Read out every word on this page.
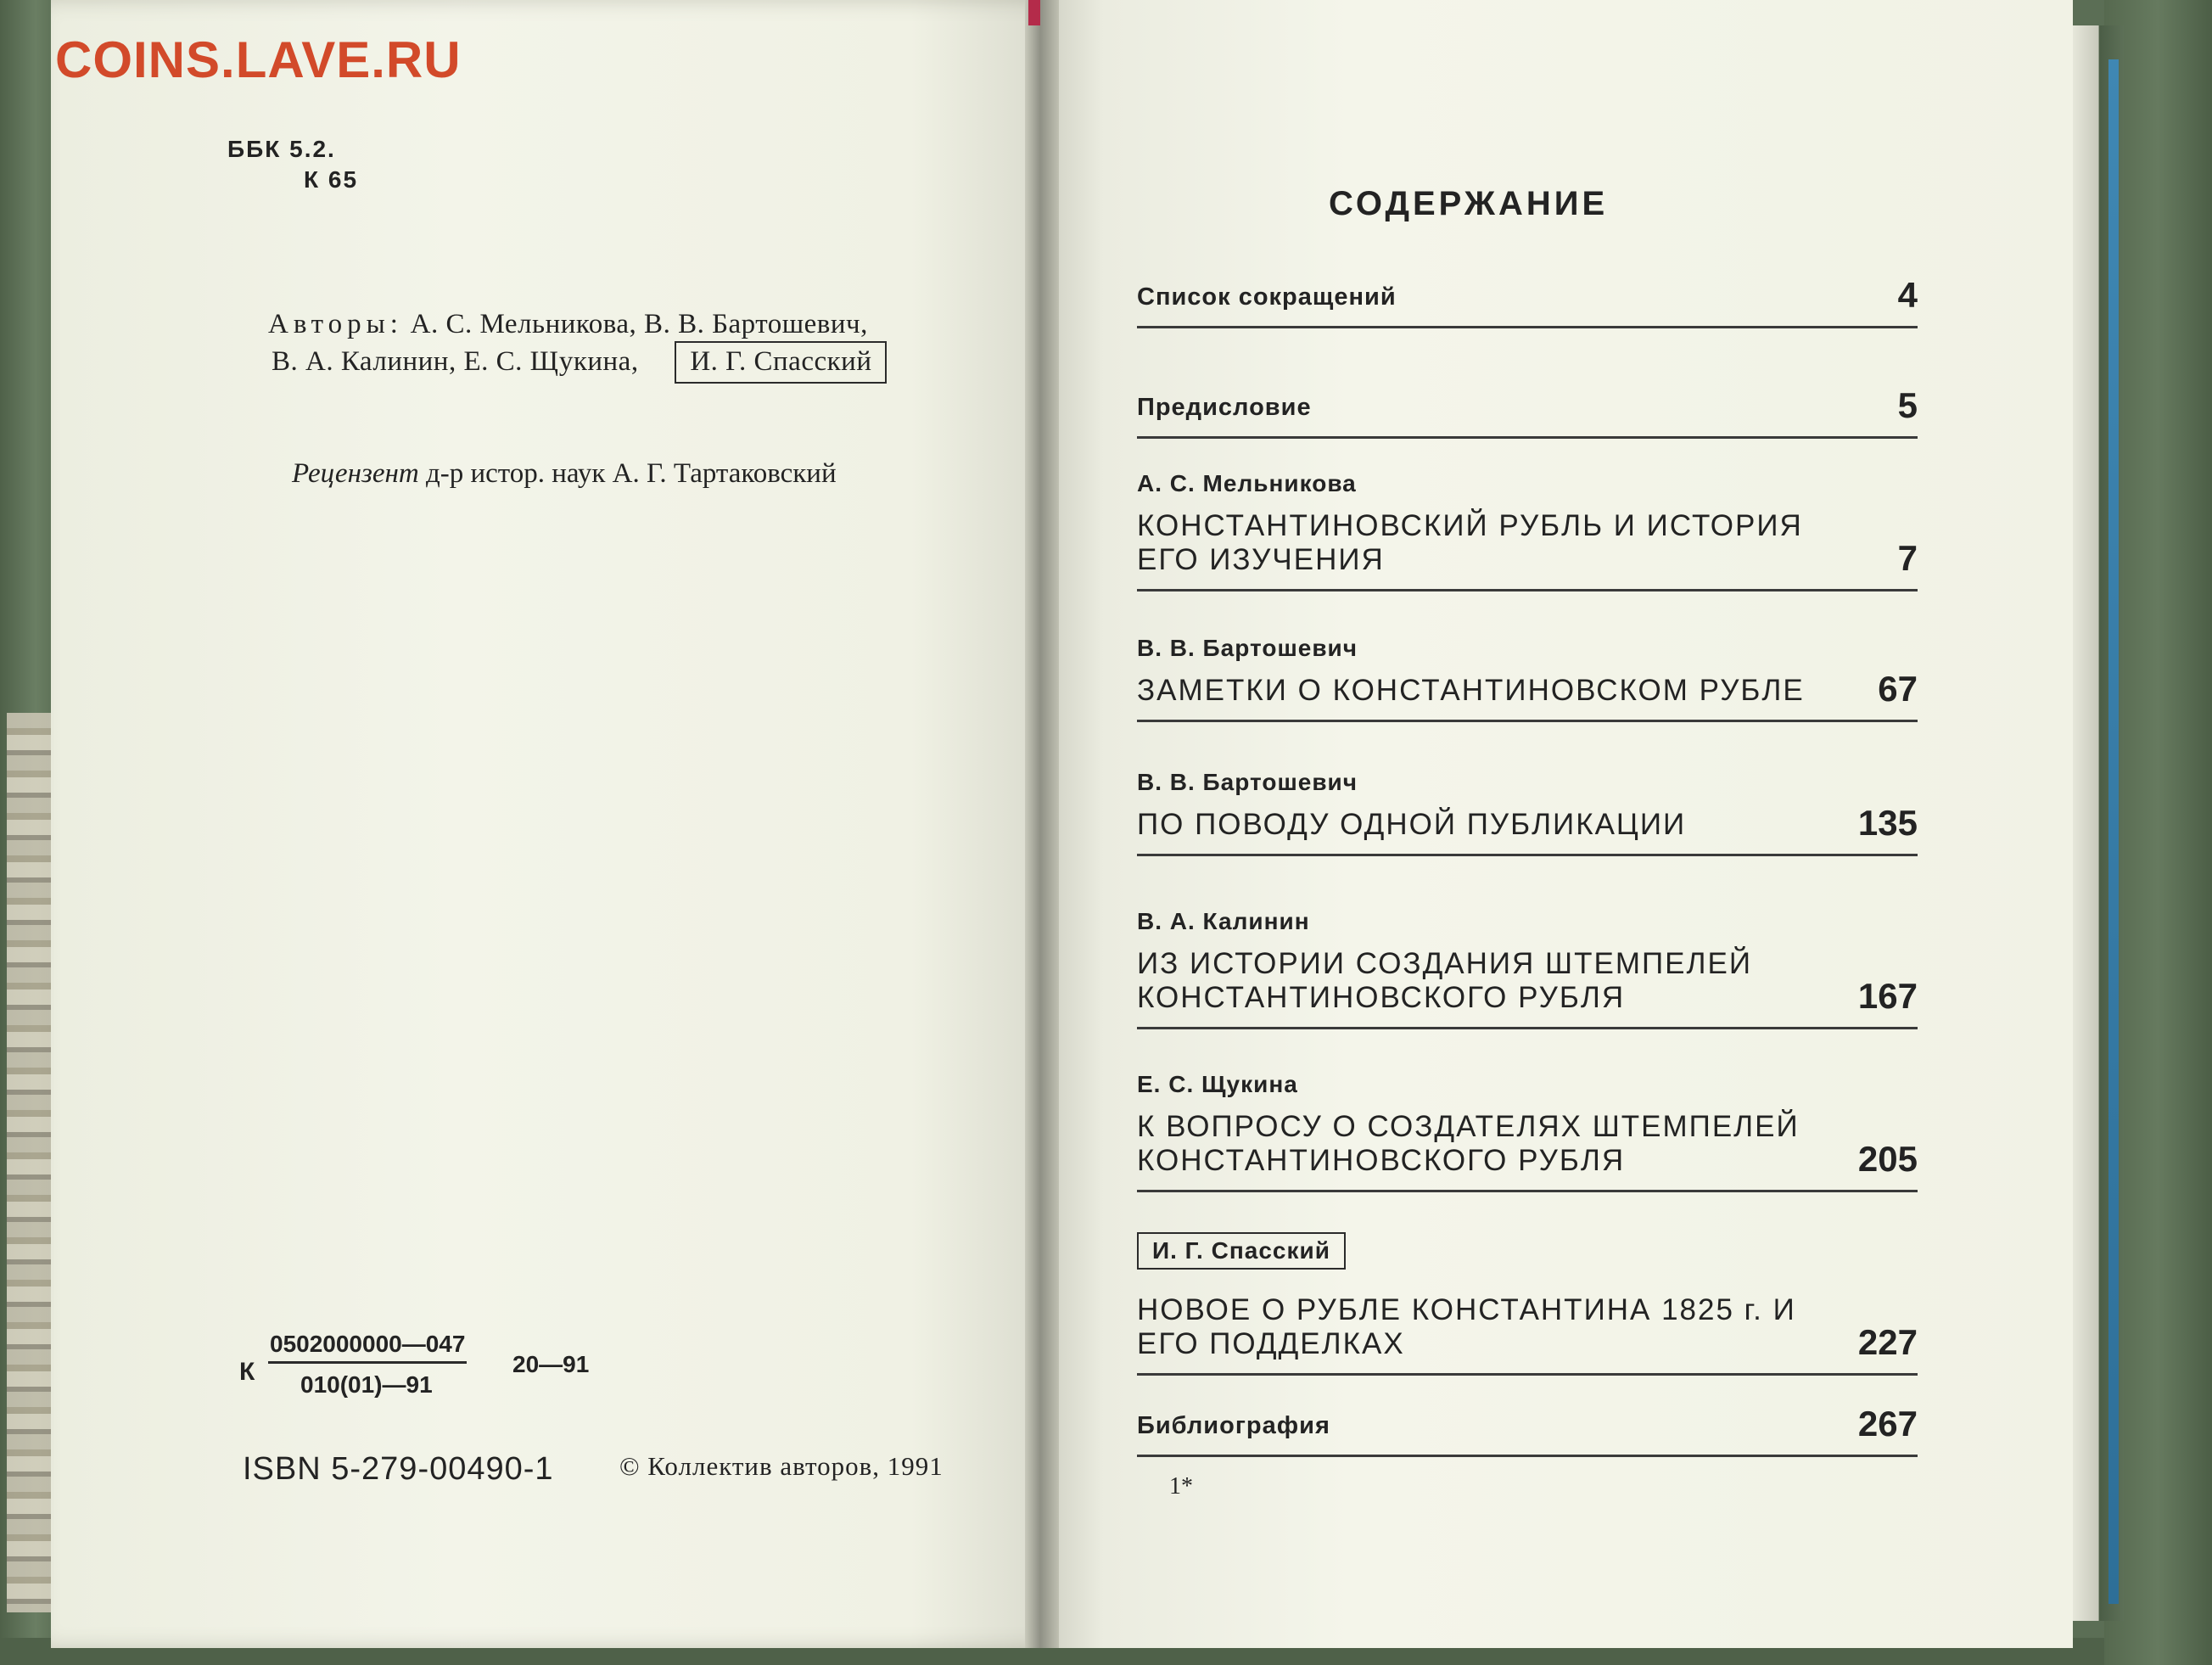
COINS.LAVE.RU
ББК 5.2.
К 65
Авторы: А. С. Мельникова, В. В. Бартошевич,
В. А. Калинин, Е. С. Щукина, И. Г. Спасский
Рецензент д-р истор. наук А. Г. Тартаковский
К
0502000000—047
010(01)—91
20—91
ISBN 5-279-00490-1 © Коллектив авторов, 1991
СОДЕРЖАНИЕ
Список сокращений	4
Предисловие	5
А. С. Мельникова
КОНСТАНТИНОВСКИЙ РУБЛЬ И ИСТОРИЯ ЕГО ИЗУЧЕНИЯ	7
В. В. Бартошевич
ЗАМЕТКИ О КОНСТАНТИНОВСКОМ РУБЛЕ 67
В. В. Бартошевич
ПО ПОВОДУ ОДНОЙ ПУБЛИКАЦИИ	135
В. А. Калинин
ИЗ ИСТОРИИ СОЗДАНИЯ ШТЕМПЕЛЕЙ КОНСТАНТИНОВСКОГО РУБЛЯ	167
Е. С. Щукина
К ВОПРОСУ О СОЗДАТЕЛЯХ ШТЕМПЕЛЕЙ КОНСТАНТИНОВСКОГО РУБЛЯ	205
И. Г. Спасский
НОВОЕ О РУБЛЕ КОНСТАНТИНА 1825 г. И ЕГО ПОДДЕЛКАХ	227
Библиография	267
1*
